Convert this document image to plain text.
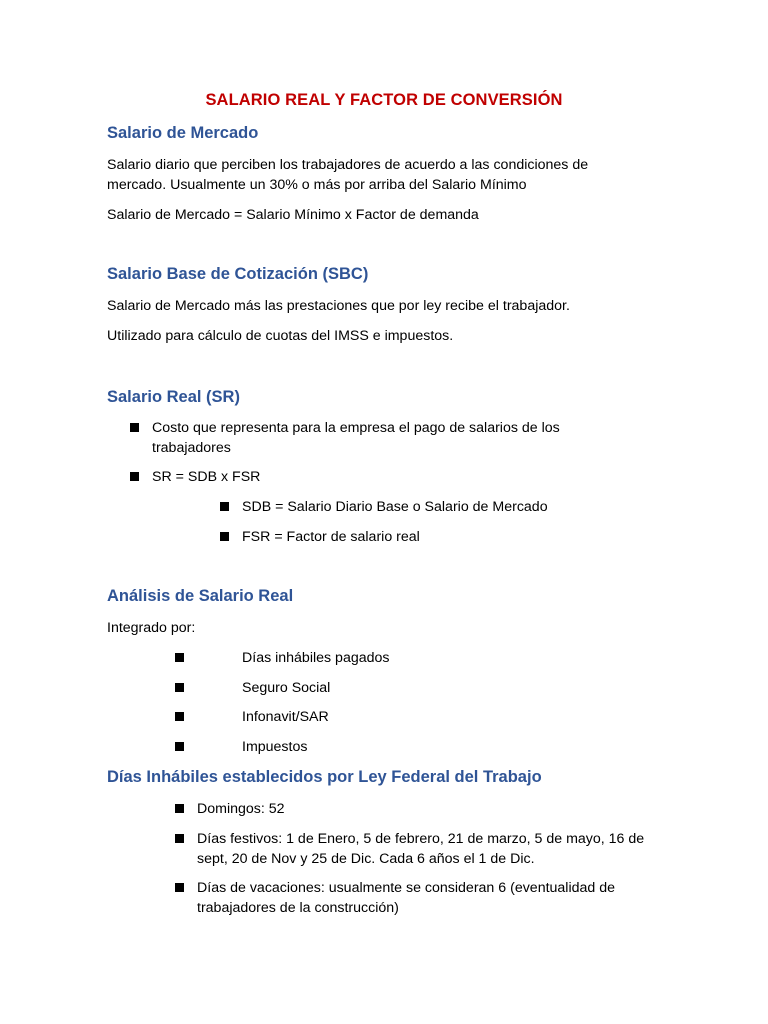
SALARIO REAL Y FACTOR DE CONVERSIÓN
Salario de Mercado

Salario diario que perciben los trabajadores de acuerdo a las condiciones de mercado. Usualmente un 30% o más por arriba del Salario Mínimo

Salario de Mercado = Salario Mínimo x Factor de demanda

Salario Base de Cotización (SBC)

Salario de Mercado más las prestaciones que por ley recibe el trabajador.

Utilizado para cálculo de cuotas del IMSS e impuestos.

Salario Real (SR)
Costo que representa para la empresa el pago de salarios de los trabajadores
SR = SDB x FSR
SDB = Salario Diario Base o Salario de Mercado
FSR = Factor de salario real
Análisis de Salario Real

Integrado por:

Días inhábiles pagados
Seguro Social
Infonavit/SAR
Impuestos
Días Inhábiles establecidos por Ley Federal del Trabajo
Domingos: 52
Días festivos: 1 de Enero, 5 de febrero, 21 de marzo, 5 de mayo, 16 de sept, 20 de Nov y 25 de Dic. Cada 6 años el 1 de Dic.
Días de vacaciones: usualmente se consideran 6 (eventualidad de trabajadores de la construcción)
